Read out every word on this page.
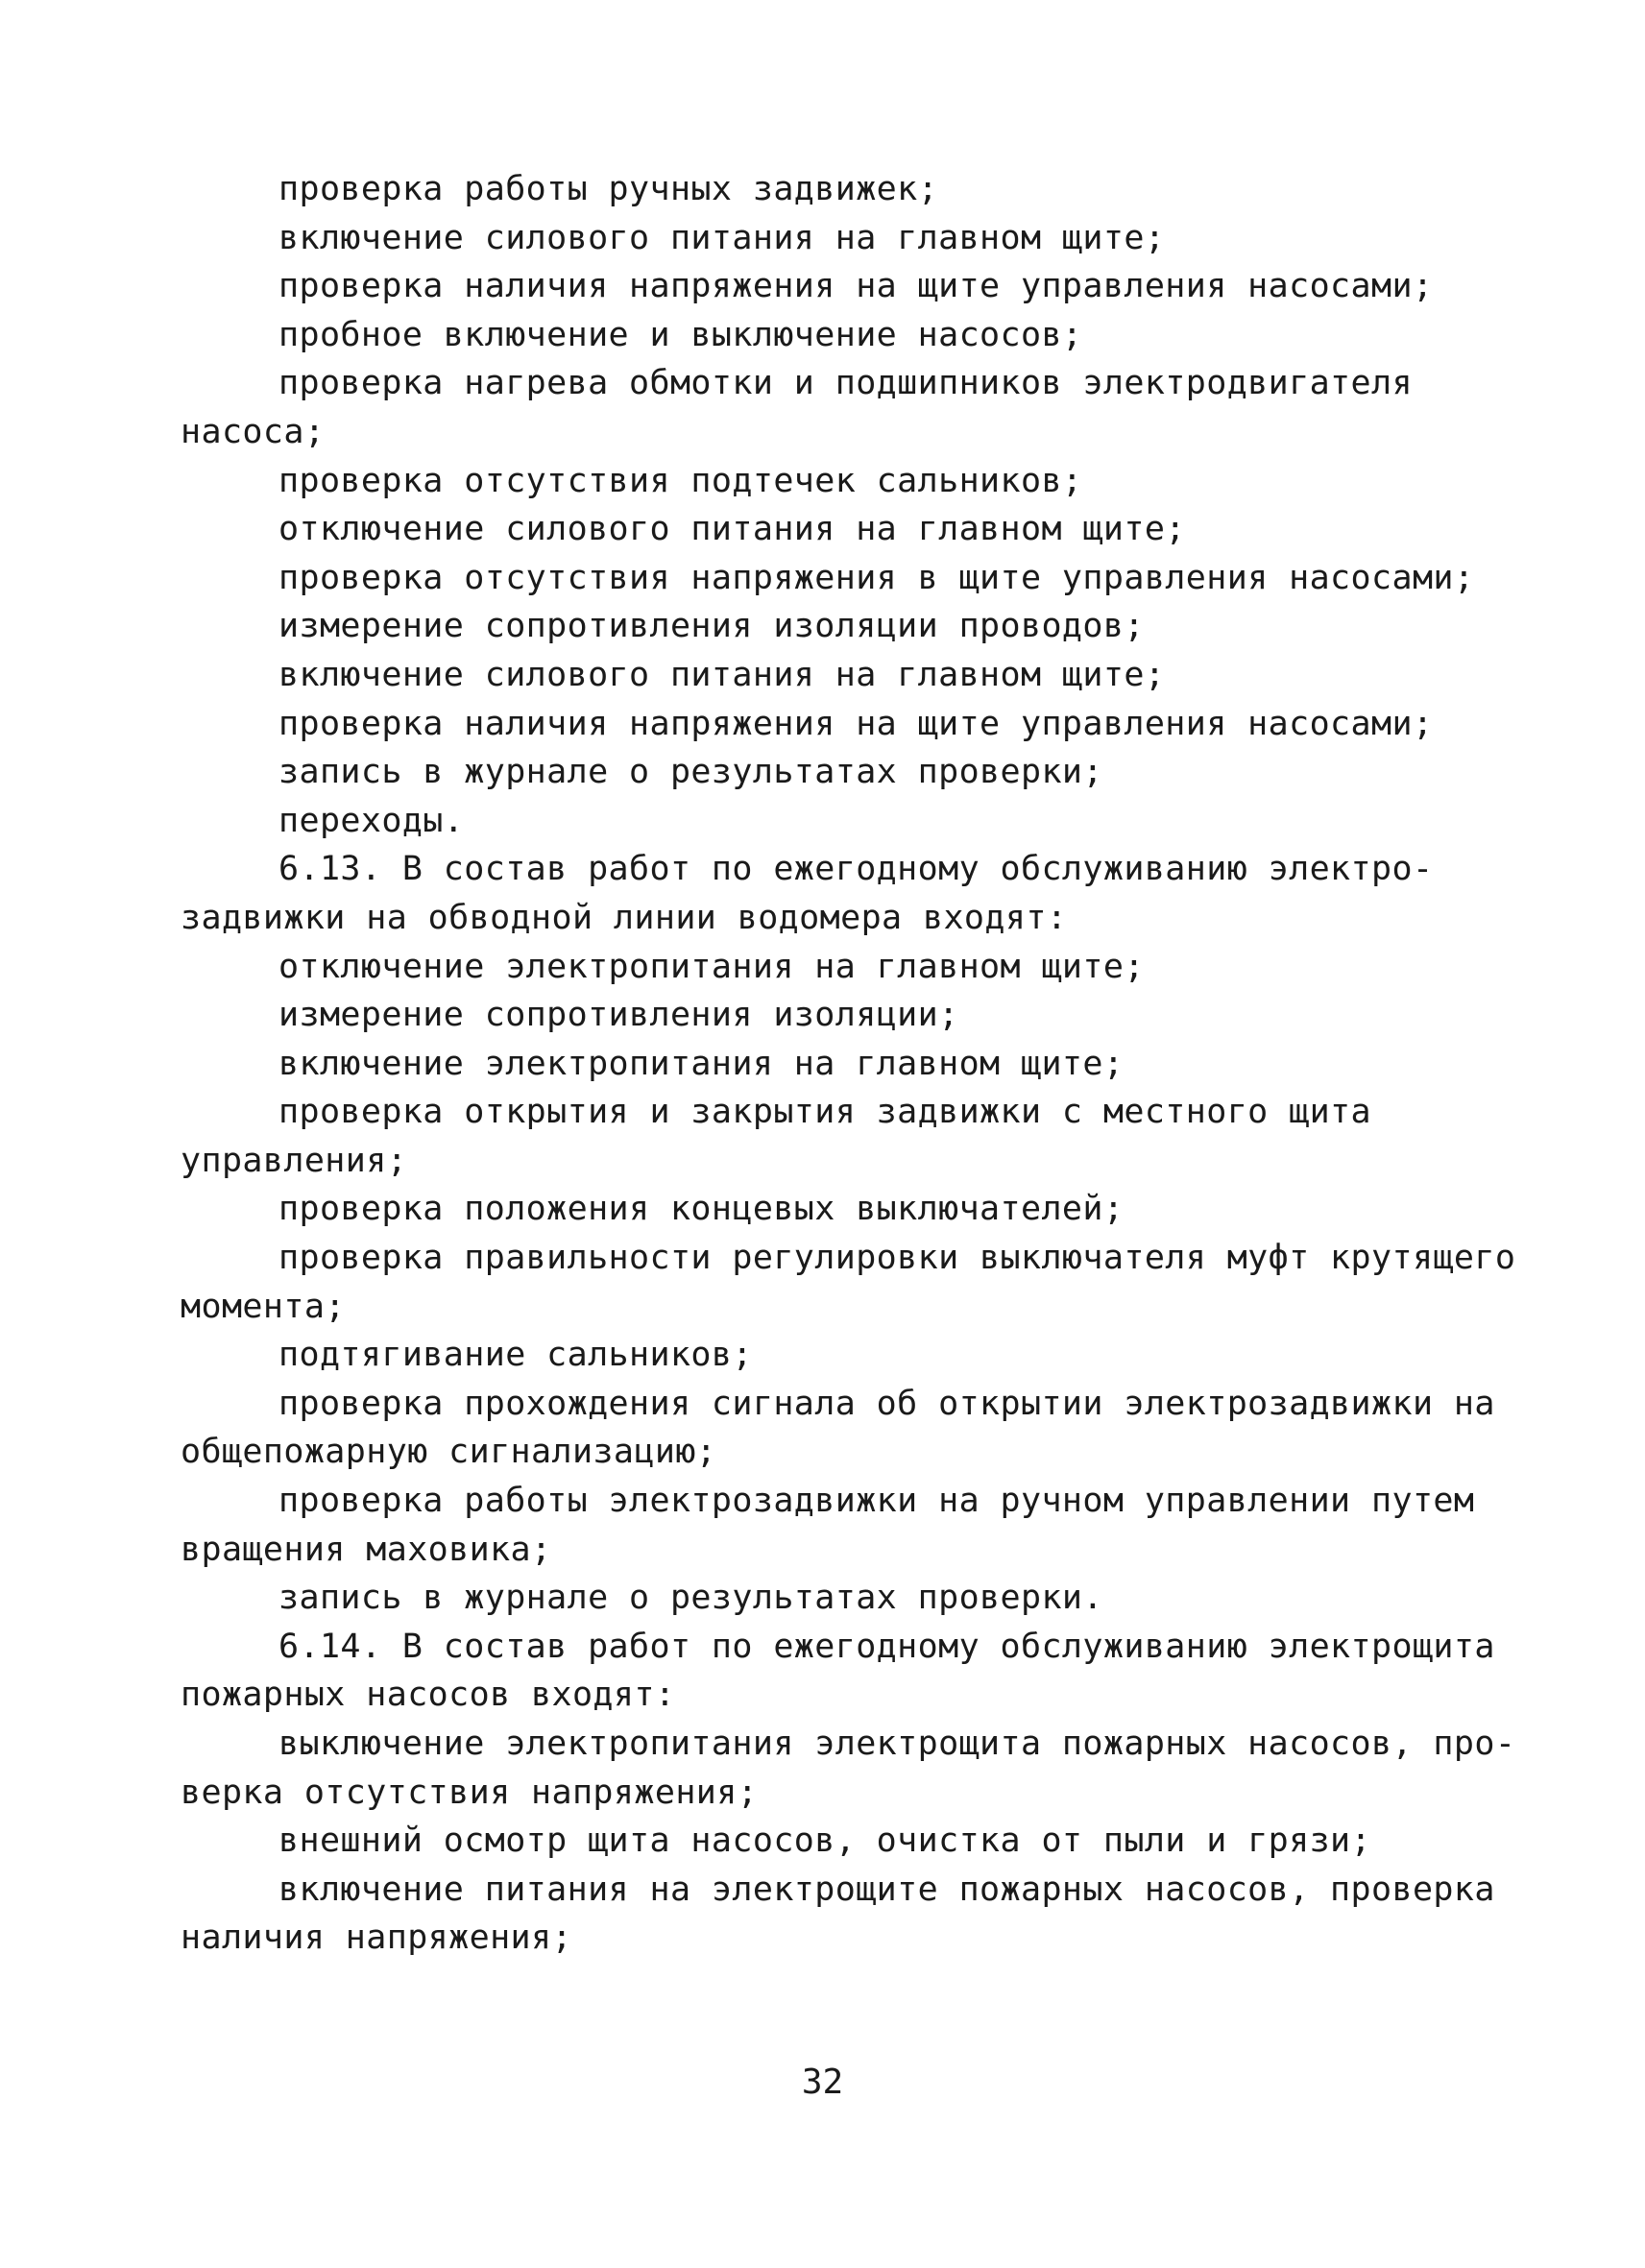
проверка работы ручных задвижек;
включение силового питания на главном щите;
проверка наличия напряжения на щите управления насосами;
пробное включение и выключение насосов;
проверка нагрева обмотки и подшипников электродвигателя
насоса;
проверка отсутствия подтечек сальников;
отключение силового питания на главном щите;
проверка отсутствия напряжения в щите управления насосами;
измерение сопротивления изоляции проводов;
включение силового питания на главном щите;
проверка наличия напряжения на щите управления насосами;
запись в журнале о результатах проверки;
переходы.
6.13. В состав работ по ежегодному обслуживанию электро-
задвижки на обводной линии водомера входят:
отключение электропитания на главном щите;
измерение сопротивления изоляции;
включение электропитания на главном щите;
проверка открытия и закрытия задвижки с местного щита
управления;
проверка положения концевых выключателей;
проверка правильности регулировки выключателя муфт крутящего
момента;
подтягивание сальников;
проверка прохождения сигнала об открытии электрозадвижки на
общепожарную сигнализацию;
проверка работы электрозадвижки на ручном управлении путем
вращения маховика;
запись в журнале о результатах проверки.
6.14. В состав работ по ежегодному обслуживанию электрощита
пожарных насосов входят:
выключение электропитания электрощита пожарных насосов, про-
верка отсутствия напряжения;
внешний осмотр щита насосов, очистка от пыли и грязи;
включение питания на электрощите пожарных насосов, проверка
наличия напряжения;
32
